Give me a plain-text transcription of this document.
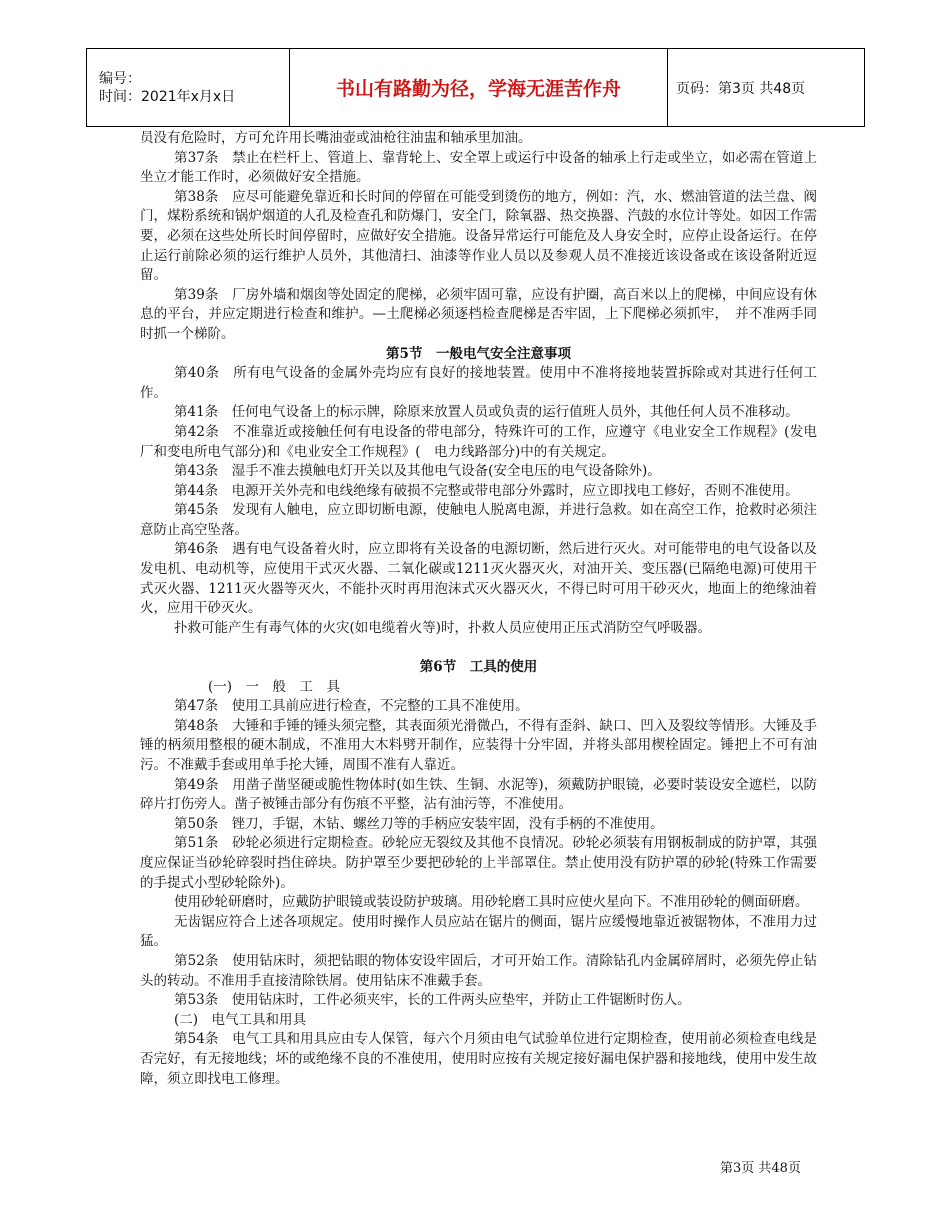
编号：
时间：2021年x月x日	书山有路勤为径，学海无涯苦作舟	页码：第3页 共48页

员没有危险时，方可允许用长嘴油壶或油枪往油盅和轴承里加油。

第37条　禁止在栏杆上、管道上、靠背轮上、安全罩上或运行中设备的轴承上行走或坐立，如必需在管道上坐立才能工作时，必须做好安全措施。

第38条　应尽可能避免靠近和长时间的停留在可能受到烫伤的地方，例如：汽，水、燃油管道的法兰盘、阀门，煤粉系统和锅炉烟道的人孔及检查孔和防爆门，安全门，除氧器、热交换器、汽鼓的水位计等处。如因工作需要，必须在这些处所长时间停留时，应做好安全措施。设备异常运行可能危及人身安全时，应停止设备运行。在停止运行前除必须的运行维护人员外，其他清扫、油漆等作业人员以及参观人员不准接近该设备或在该设备附近逗留。

第39条　厂房外墙和烟囱等处固定的爬梯，必须牢固可靠，应设有护圈，高百米以上的爬梯，中间应设有休息的平台，并应定期进行检查和维护。—土爬梯必须逐档检查爬梯是否牢固，上下爬梯必须抓牢，　并不准两手同时抓一个梯阶。

第5节　一般电气安全注意事项

第40条　所有电气设备的金属外壳均应有良好的接地装置。使用中不准将接地装置拆除或对其进行任何工作。

第41条　任何电气设备上的标示牌，除原来放置人员或负责的运行值班人员外，其他任何人员不准移动。

第42条　不准靠近或接触任何有电设备的带电部分，特殊许可的工作，应遵守《电业安全工作规程》(发电厂和变电所电气部分)和《电业安全工作规程》(　电力线路部分)中的有关规定。

第43条　湿手不准去摸触电灯开关以及其他电气设备(安全电压的电气设备除外)。

第44条　电源开关外壳和电线绝缘有破损不完整或带电部分外露时，应立即找电工修好，否则不准使用。

第45条　发现有人触电，应立即切断电源，使触电人脱离电源，并进行急救。如在高空工作，抢救时必须注意防止高空坠落。

第46条　遇有电气设备着火时，应立即将有关设备的电源切断，然后进行灭火。对可能带电的电气设备以及发电机、电动机等，应使用干式灭火器、二氧化碳或1211灭火器灭火，对油开关、变压器(已隔绝电源)可使用干式灭火器、1211灭火器等灭火，不能扑灭时再用泡沫式灭火器灭火，不得已时可用干砂灭火，地面上的绝缘油着火，应用干砂灭火。

扑救可能产生有毒气体的火灾(如电缆着火等)时，扑救人员应使用正压式消防空气呼吸器。

第6节　工具的使用

(一)　一　般　工　具

第47条　使用工具前应进行检查，不完整的工具不准使用。

第48条　大锤和手锤的锤头须完整，其表面须光滑微凸，不得有歪斜、缺口、凹入及裂纹等情形。大锤及手锤的柄须用整根的硬木制成，不准用大木料劈开制作，应装得十分牢固，并将头部用楔栓固定。锤把上不可有油污。不准戴手套或用单手抡大锤，周围不准有人靠近。

第49条　用凿子凿坚硬或脆性物体时(如生铁、生铜、水泥等)，须戴防护眼镜，必要时装设安全遮栏，以防碎片打伤旁人。凿子被锤击部分有伤痕不平整，沾有油污等，不准使用。

第50条　锉刀，手锯，木钻、螺丝刀等的手柄应安装牢固，没有手柄的不准使用。

第51条　砂轮必须进行定期检查。砂轮应无裂纹及其他不良情况。砂轮必须装有用钢板制成的防护罩，其强度应保证当砂轮碎裂时挡住碎块。防护罩至少要把砂轮的上半部罩住。禁止使用没有防护罩的砂轮(特殊工作需要的手提式小型砂轮除外)。

使用砂轮研磨时，应戴防护眼镜或装设防护玻璃。用砂轮磨工具时应使火星向下。不准用砂轮的侧面研磨。

无齿锯应符合上述各项规定。使用时操作人员应站在锯片的侧面，锯片应缓慢地靠近被锯物体，不准用力过猛。

第52条　使用钻床时，须把钻眼的物体安设牢固后，才可开始工作。清除钻孔内金属碎屑时，必须先停止钻头的转动。不准用手直接清除铁屑。使用钻床不准戴手套。

第53条　使用钻床时，工件必须夹牢，长的工件两头应垫牢，并防止工件锯断时伤人。

(二)　电气工具和用具

第54条　电气工具和用具应由专人保管，每六个月须由电气试验单位进行定期检查，使用前必须检查电线是否完好，有无接地线；坏的或绝缘不良的不准使用，使用时应按有关规定接好漏电保护器和接地线，使用中发生故障，须立即找电工修理。

第3页 共48页
